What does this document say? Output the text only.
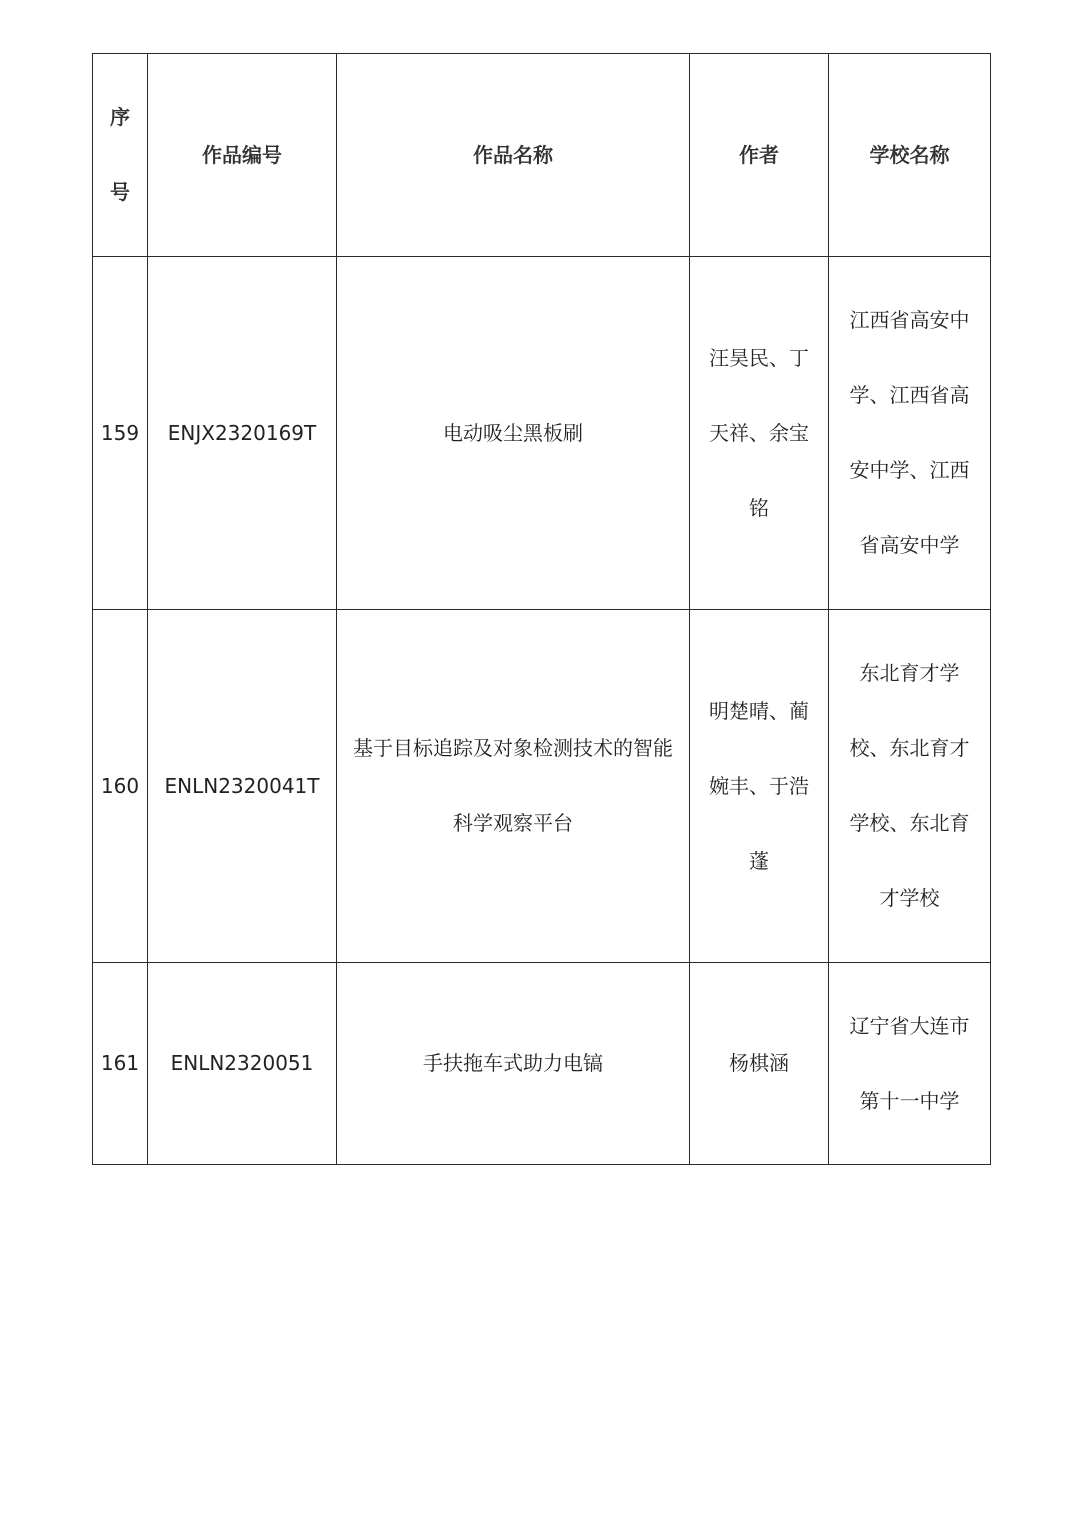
序号	作品编号	作品名称	作者	学校名称

159	ENJX2320169T	电动吸尘黑板刷	汪昊民、丁天祥、余宝铭	江西省高安中学、江西省高安中学、江西省高安中学

160	ENLN2320041T	基于目标追踪及对象检测技术的智能科学观察平台	明楚晴、蔺婉丰、于浩蓬	东北育才学校、东北育才学校、东北育才学校

161	ENLN2320051	手扶拖车式助力电镐	杨棋涵	辽宁省大连市第十一中学
